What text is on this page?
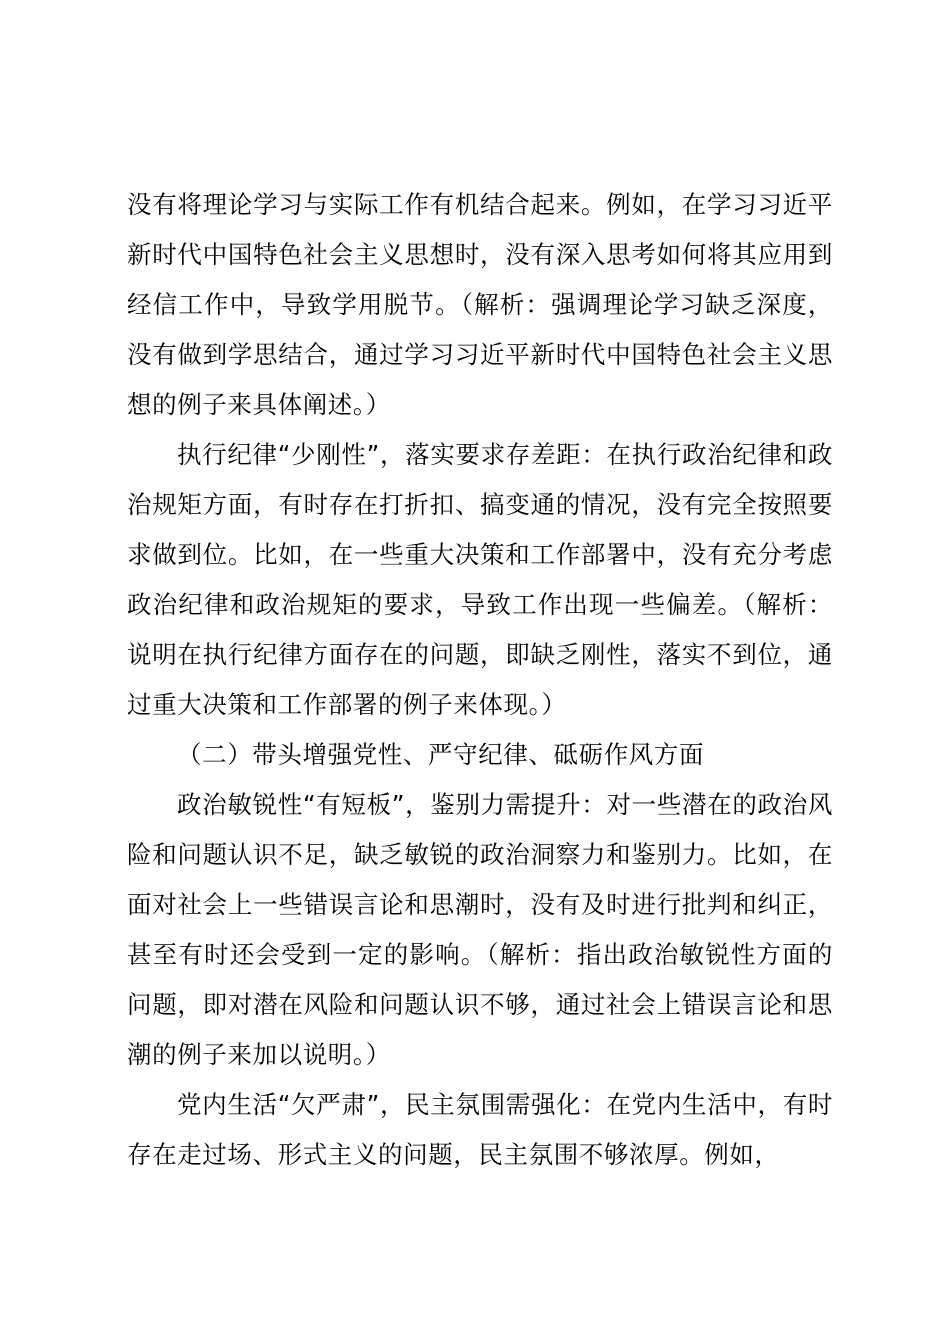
没有将理论学习与实际工作有机结合起来。例如，在学习习近平新时代中国特色社会主义思想时，没有深入思考如何将其应用到经信工作中，导致学用脱节。（解析：强调理论学习缺乏深度，没有做到学思结合，通过学习习近平新时代中国特色社会主义思想的例子来具体阐述。）

执行纪律“少刚性”，落实要求存差距：在执行政治纪律和政治规矩方面，有时存在打折扣、搞变通的情况，没有完全按照要求做到位。比如，在一些重大决策和工作部署中，没有充分考虑政治纪律和政治规矩的要求，导致工作出现一些偏差。（解析：说明在执行纪律方面存在的问题，即缺乏刚性，落实不到位，通过重大决策和工作部署的例子来体现。）

（二）带头增强党性、严守纪律、砥砺作风方面

政治敏锐性“有短板”，鉴别力需提升：对一些潜在的政治风险和问题认识不足，缺乏敏锐的政治洞察力和鉴别力。比如，在面对社会上一些错误言论和思潮时，没有及时进行批判和纠正，甚至有时还会受到一定的影响。（解析：指出政治敏锐性方面的问题，即对潜在风险和问题认识不够，通过社会上错误言论和思潮的例子来加以说明。）

党内生活“欠严肃”，民主氛围需强化：在党内生活中，有时存在走过场、形式主义的问题，民主氛围不够浓厚。例如，
